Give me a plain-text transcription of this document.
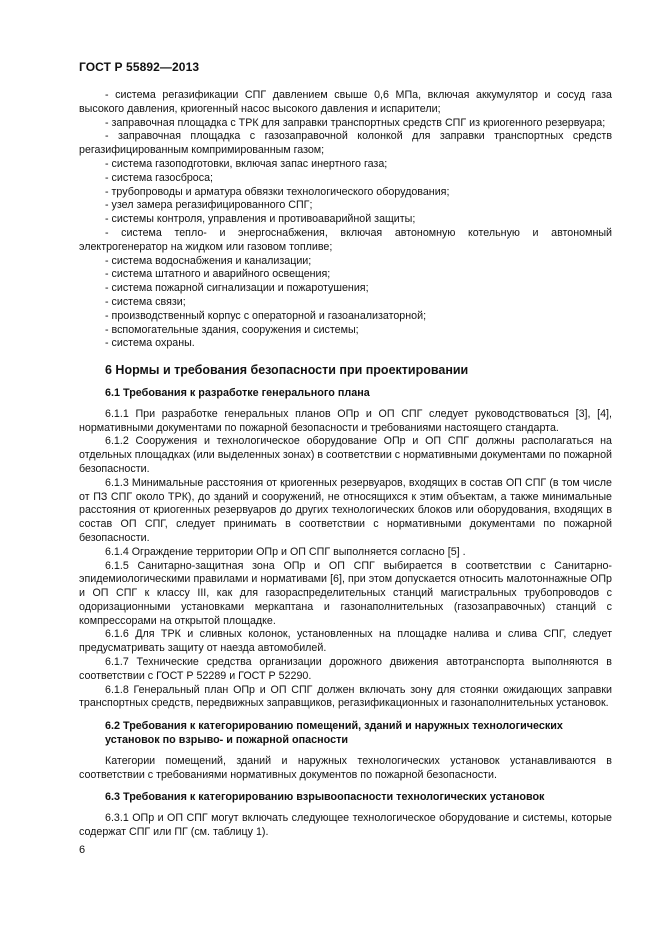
ГОСТ Р 55892—2013

- система регазификации СПГ давлением свыше 0,6 МПа, включая аккумулятор и сосуд газа высокого давления, криогенный насос высокого давления и испарители;

- заправочная площадка с ТРК для заправки транспортных средств СПГ из криогенного резервуара;

- заправочная площадка с газозаправочной колонкой для заправки транспортных средств регазифицированным компримированным газом;

- система газоподготовки, включая запас инертного газа;

- система газосброса;

- трубопроводы и арматура обвязки технологического оборудования;

- узел замера регазифицированного СПГ;

- системы контроля, управления и противоаварийной защиты;

- система тепло- и энергоснабжения, включая автономную котельную и автономный электрогенератор на жидком или газовом топливе;

- система водоснабжения и канализации;

- система штатного и аварийного освещения;

- система пожарной сигнализации и пожаротушения;

- система связи;

- производственный корпус с операторной и газоанализаторной;

- вспомогательные здания, сооружения и системы;

- система охраны.

6 Нормы и требования безопасности при проектировании
6.1 Требования к разработке генерального плана

6.1.1 При разработке генеральных планов ОПр и ОП СПГ следует руководствоваться [3], [4], нормативными документами по пожарной безопасности и требованиями настоящего стандарта.

6.1.2 Сооружения и технологическое оборудование ОПр и ОП СПГ должны располагаться на отдельных площадках (или выделенных зонах) в соответствии с нормативными документами по пожарной безопасности.

6.1.3 Минимальные расстояния от криогенных резервуаров, входящих в состав ОП СПГ (в том числе от ПЗ СПГ около ТРК), до зданий и сооружений, не относящихся к этим объектам, а также минимальные расстояния от криогенных резервуаров до других технологических блоков или оборудования, входящих в состав ОП СПГ, следует принимать в соответствии с нормативными документами по пожарной безопасности.

6.1.4 Ограждение территории ОПр и ОП СПГ выполняется согласно [5] .

6.1.5 Санитарно-защитная зона ОПр и ОП СПГ выбирается в соответствии с Санитарно-эпидемиологическими правилами и нормативами [6], при этом допускается относить малотоннажные ОПр и ОП СПГ к классу III, как для газораспределительных станций магистральных трубопроводов с одоризационными установками меркаптана и газонаполнительных (газозаправочных) станций с компрессорами на открытой площадке.

6.1.6 Для ТРК и сливных колонок, установленных на площадке налива и слива СПГ, следует предусматривать защиту от наезда автомобилей.

6.1.7 Технические средства организации дорожного движения автотранспорта выполняются в соответствии с ГОСТ Р 52289 и ГОСТ Р 52290.

6.1.8 Генеральный план ОПр и ОП СПГ должен включать зону для стоянки ожидающих заправки транспортных средств, передвижных заправщиков, регазификационных и газонаполнительных установок.

6.2 Требования к категорированию помещений, зданий и наружных технологических
установок по взрыво- и пожарной опасности

Категории помещений, зданий и наружных технологических установок устанавливаются в соответствии с требованиями нормативных документов по пожарной безопасности.

6.3 Требования к категорированию взрывоопасности технологических установок

6.3.1 ОПр и ОП СПГ могут включать следующее технологическое оборудование и системы, которые содержат СПГ или ПГ (см. таблицу 1).

6
